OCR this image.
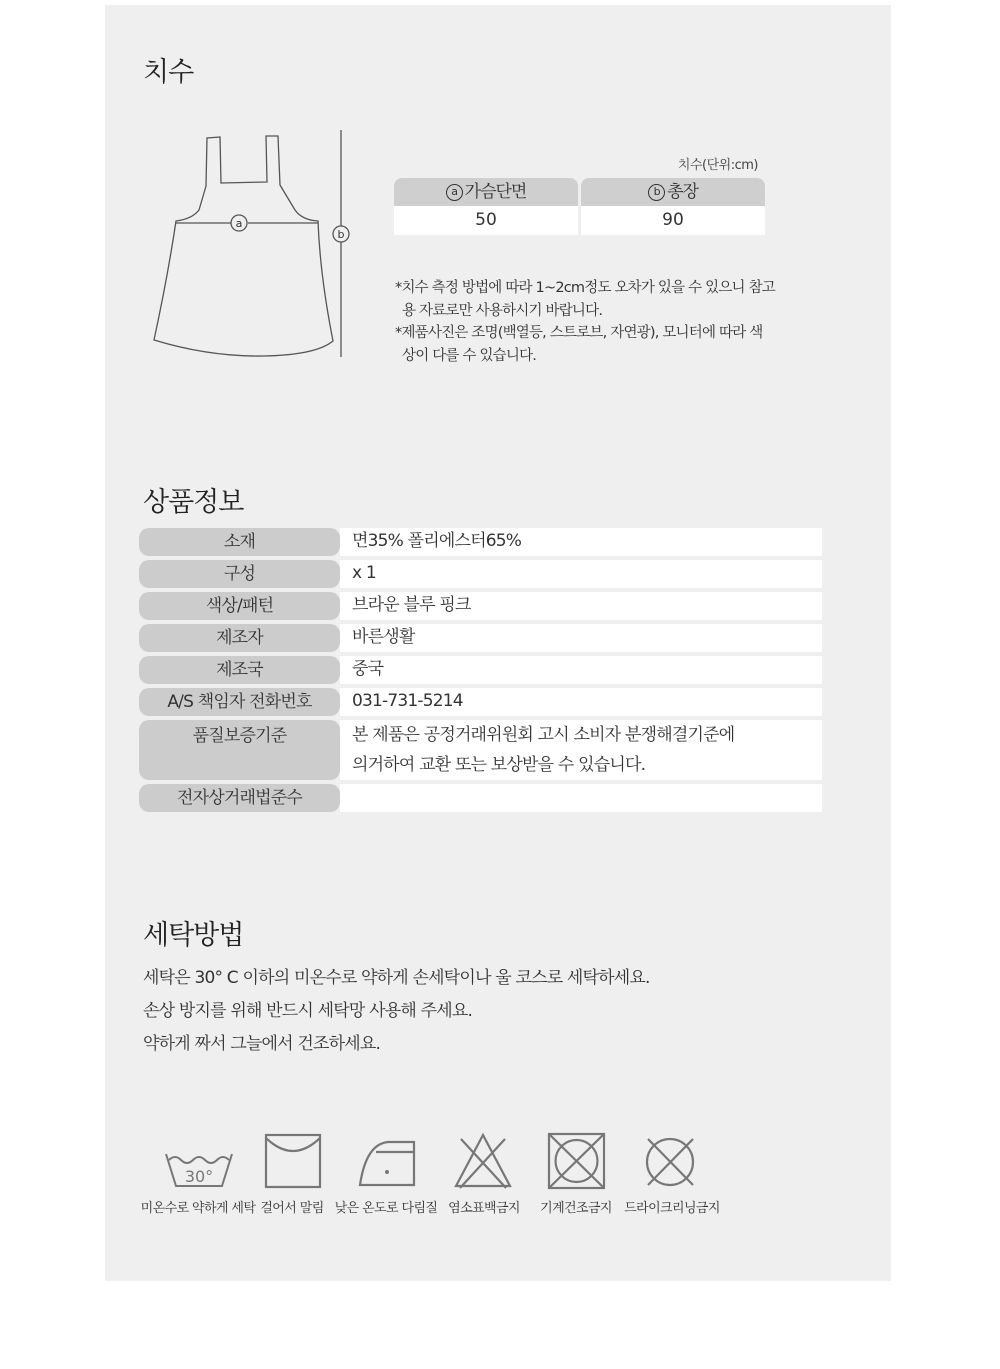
치수
a
b
치수(단위:cm)
a 가슴단면	b 총장
50	90
*치수 측정 방법에 따라 1~2cm정도 오차가 있을 수 있으니 참고용 자료로만 사용하시기 바랍니다.
*제품사진은 조명(백열등, 스트로브, 자연광), 모니터에 따라 색상이 다를 수 있습니다.
상품정보
소재	면35% 폴리에스터65%
구성	x 1
색상/패턴	브라운 블루 핑크
제조자	바른생활
제조국	중국
A/S 책임자 전화번호	031-731-5214
품질보증기준	본 제품은 공정거래위원회 고시 소비자 분쟁해결기준에
의거하여 교환 또는 보상받을 수 있습니다.
전자상거래법준수
세탁방법
세탁은 30° C 이하의 미온수로 약하게 손세탁이나 울 코스로 세탁하세요.
손상 방지를 위해 반드시 세탁망 사용해 주세요.
약하게 짜서 그늘에서 건조하세요.
30°
미온수로 약하게 세탁 걸어서 말림 낮은 온도로 다림질 염소표백금지	기계건조금지 드라이크리닝금지
